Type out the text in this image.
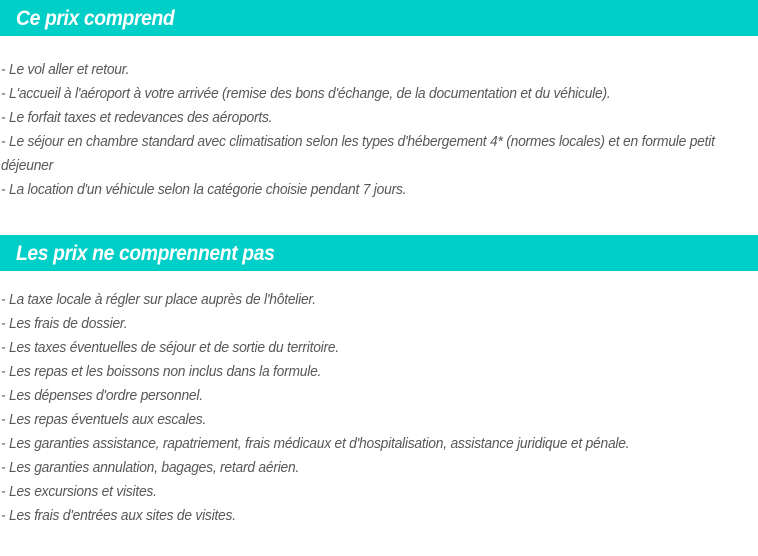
Ce prix comprend
- Le vol aller et retour.
- L'accueil à l'aéroport à votre arrivée (remise des bons d'échange, de la documentation et du véhicule).
- Le forfait taxes et redevances des aéroports.
- Le séjour en chambre standard avec climatisation selon les types d'hébergement 4* (normes locales) et en formule petit déjeuner
- La location d'un véhicule selon la catégorie choisie pendant 7 jours.
Les prix ne comprennent pas
- La taxe locale à régler sur place auprès de l'hôtelier.
- Les frais de dossier.
- Les taxes éventuelles de séjour et de sortie du territoire.
- Les repas et les boissons non inclus dans la formule.
- Les dépenses d'ordre personnel.
- Les repas éventuels aux escales.
- Les garanties assistance, rapatriement, frais médicaux et d'hospitalisation, assistance juridique et pénale.
- Les garanties annulation, bagages, retard aérien.
- Les excursions et visites.
- Les frais d'entrées aux sites de visites.
